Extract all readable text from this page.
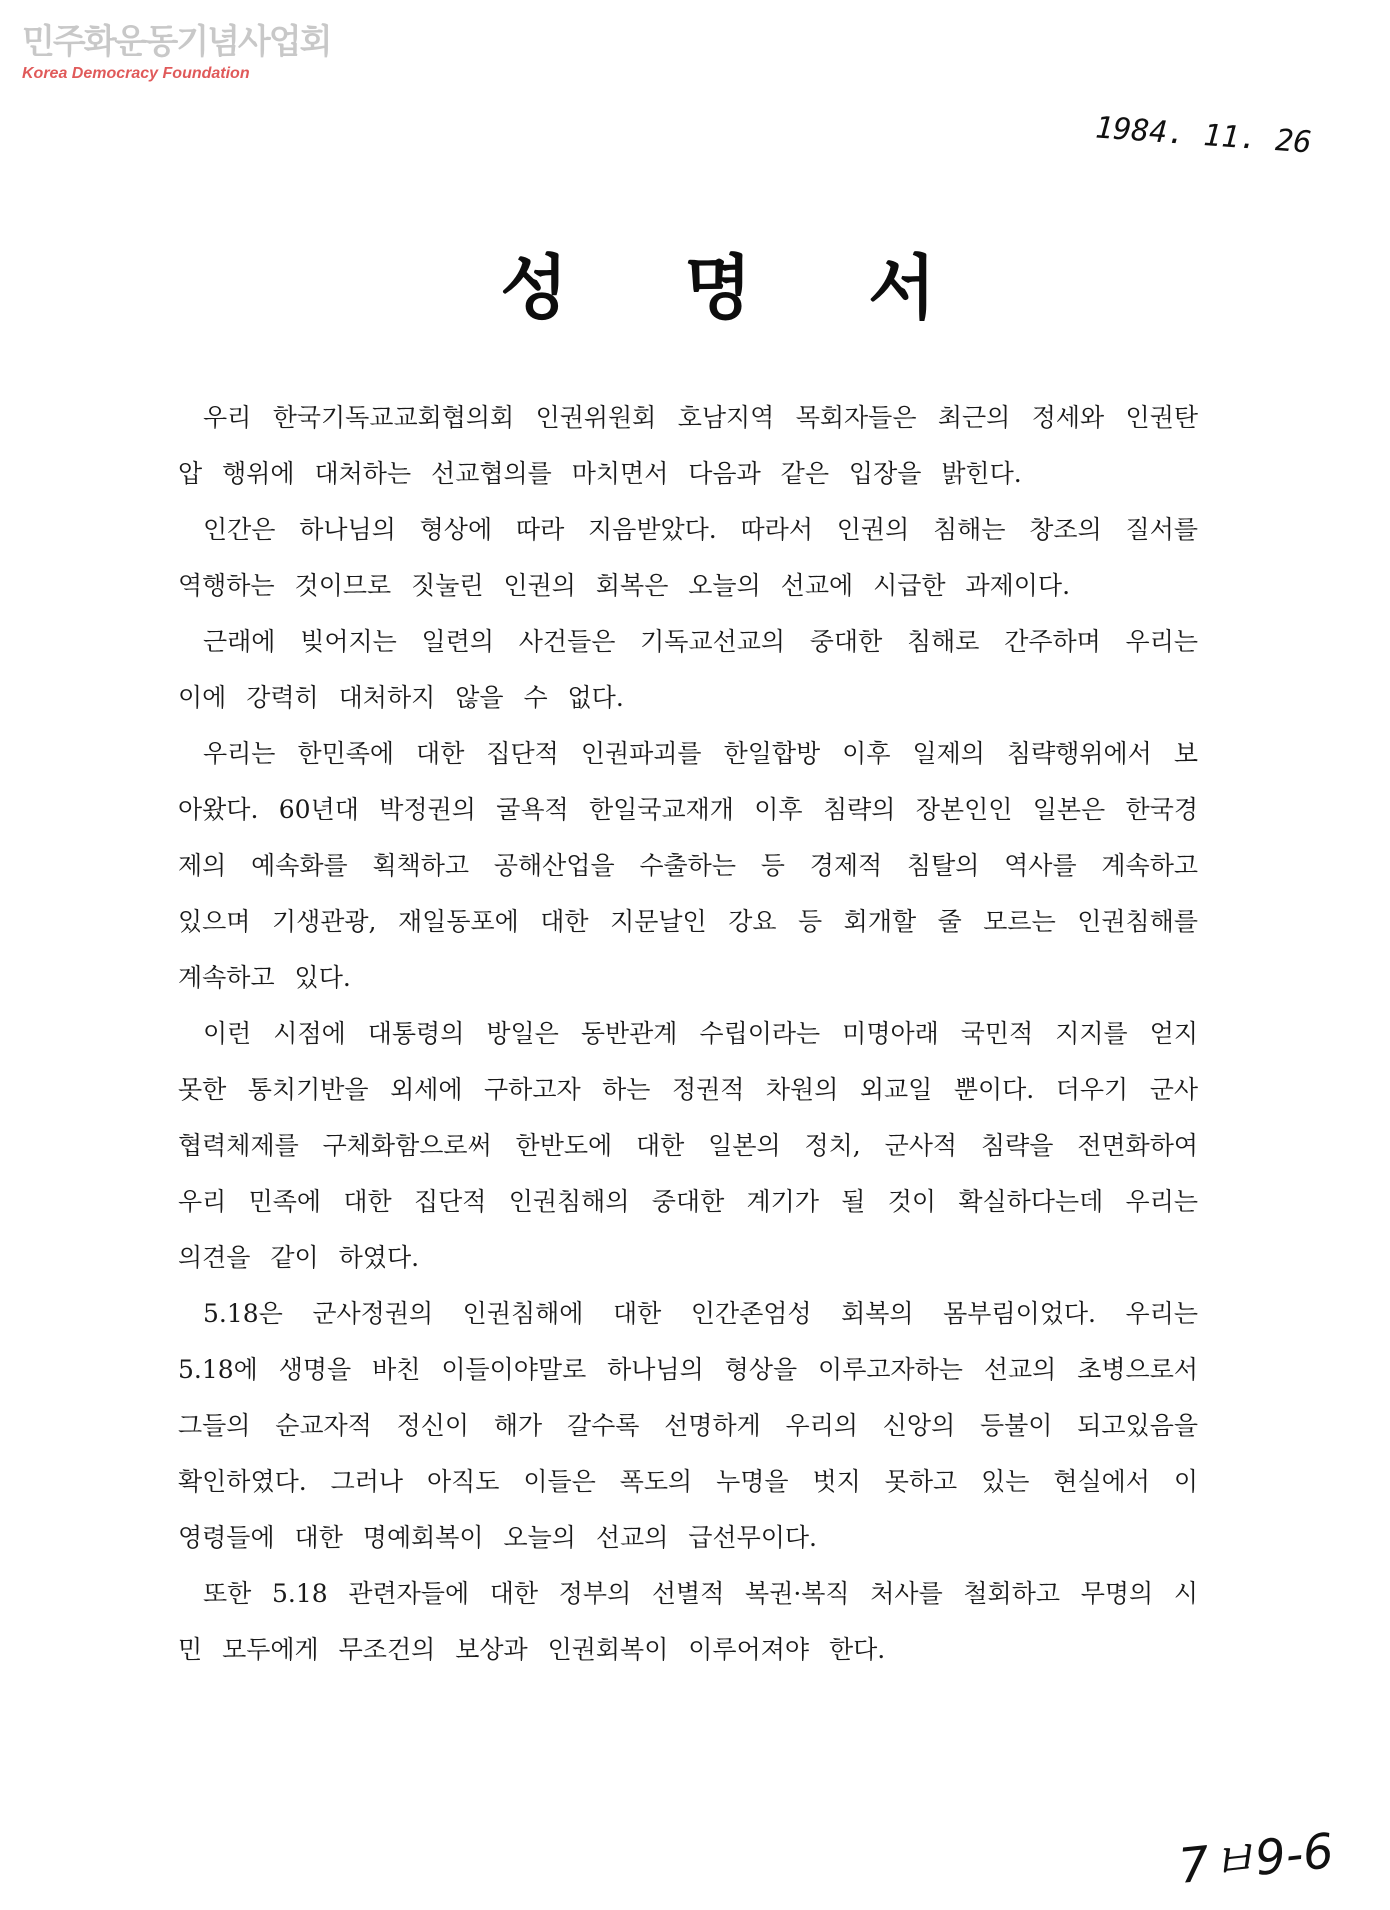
민주화운동기념사업회
Korea Democracy Foundation
1984. 11. 26
성 명 서

우리 한국기독교교회협의회 인권위원회 호남지역 목회자들은 최근의 정세와 인권탄압 행위에 대처하는 선교협의를 마치면서 다음과 같은 입장을 밝힌다.

인간은 하나님의 형상에 따라 지음받았다. 따라서 인권의 침해는 창조의 질서를 역행하는 것이므로 짓눌린 인권의 회복은 오늘의 선교에 시급한 과제이다.

근래에 빚어지는 일련의 사건들은 기독교선교의 중대한 침해로 간주하며 우리는 이에 강력히 대처하지 않을 수 없다.

우리는 한민족에 대한 집단적 인권파괴를 한일합방 이후 일제의 침략행위에서 보아왔다. 60년대 박정권의 굴욕적 한일국교재개 이후 침략의 장본인인 일본은 한국경제의 예속화를 획책하고 공해산업을 수출하는 등 경제적 침탈의 역사를 계속하고 있으며 기생관광, 재일동포에 대한 지문날인 강요 등 회개할 줄 모르는 인권침해를 계속하고 있다.

이런 시점에 대통령의 방일은 동반관계 수립이라는 미명아래 국민적 지지를 얻지못한 통치기반을 외세에 구하고자 하는 정권적 차원의 외교일 뿐이다. 더우기 군사협력체제를 구체화함으로써 한반도에 대한 일본의 정치, 군사적 침략을 전면화하여 우리 민족에 대한 집단적 인권침해의 중대한 계기가 될 것이 확실하다는데 우리는 의견을 같이 하였다.

5.18은 군사정권의 인권침해에 대한 인간존엄성 회복의 몸부림이었다. 우리는 5.18에 생명을 바친 이들이야말로 하나님의 형상을 이루고자하는 선교의 초병으로서 그들의 순교자적 정신이 해가 갈수록 선명하게 우리의 신앙의 등불이 되고있음을 확인하였다. 그러나 아직도 이들은 폭도의 누명을 벗지 못하고 있는 현실에서 이 영령들에 대한 명예회복이 오늘의 선교의 급선무이다.

또한 5.18 관련자들에 대한 정부의 선별적 복권·복직 처사를 철회하고 무명의 시민 모두에게 무조건의 보상과 인권회복이 이루어져야 한다.

7ㅂ9-6
